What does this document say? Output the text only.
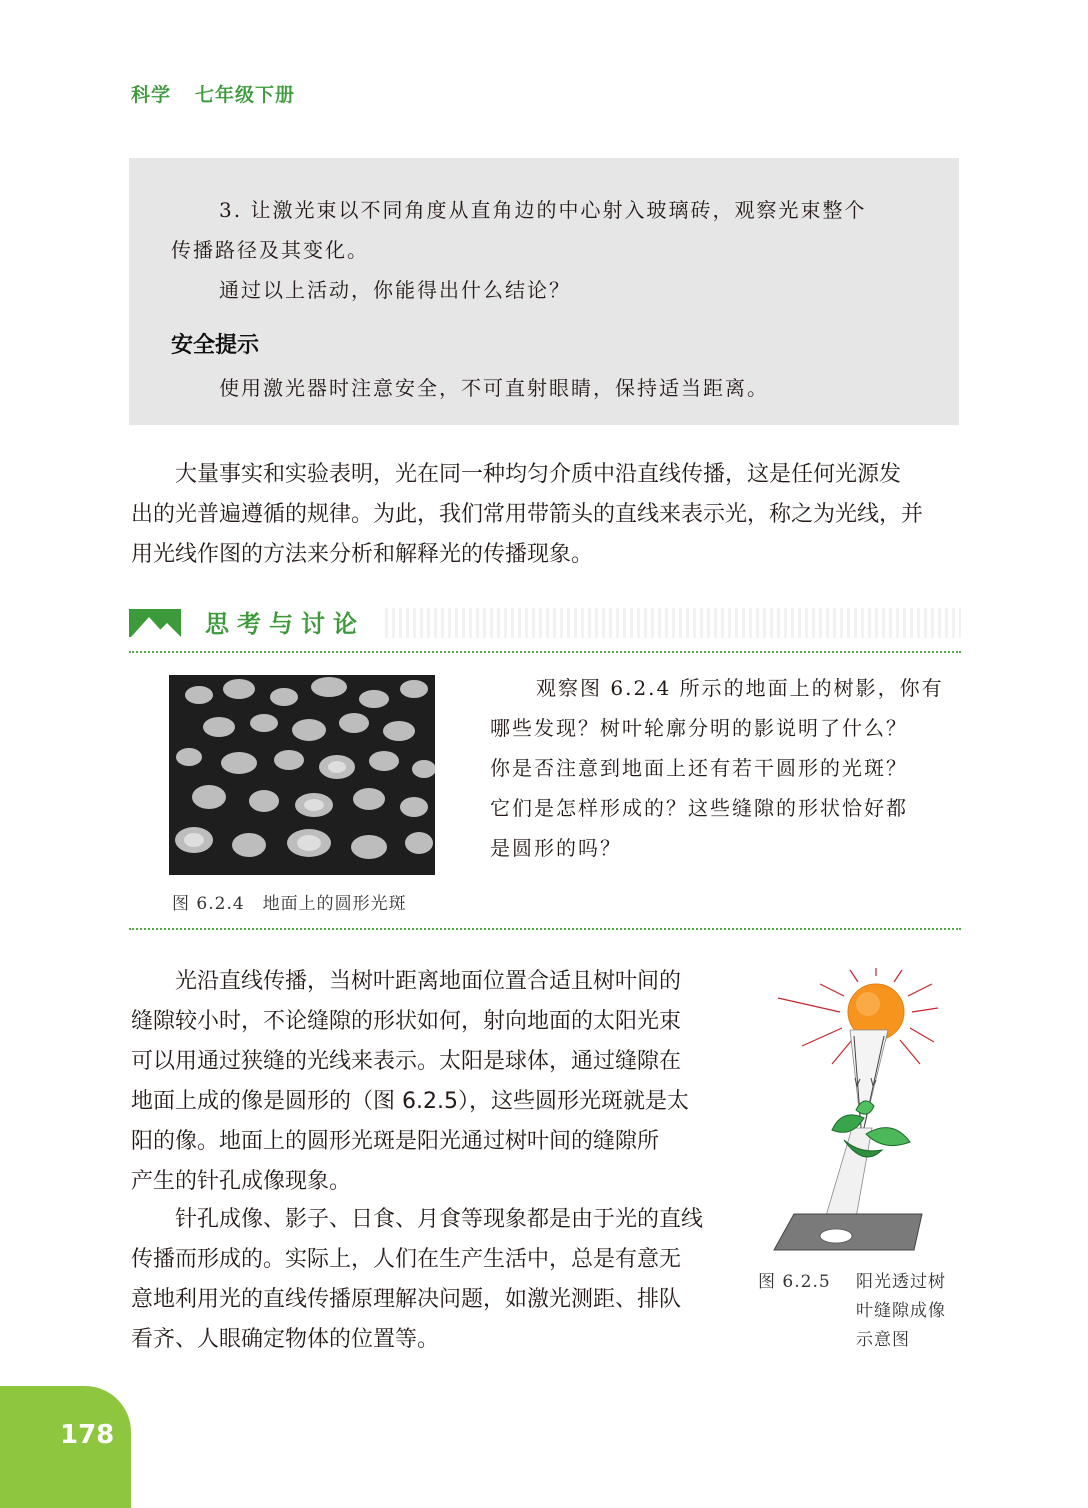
科学 七年级下册

3. 让激光束以不同角度从直角边的中心射入玻璃砖，观察光束整个

传播路径及其变化。

通过以上活动，你能得出什么结论？

安全提示

使用激光器时注意安全，不可直射眼睛，保持适当距离。

大量事实和实验表明，光在同一种均匀介质中沿直线传播，这是任何光源发
出的光普遍遵循的规律。为此，我们常用带箭头的直线来表示光，称之为光线，并
用光线作图的方法来分析和解释光的传播现象。
思考与讨论
图 6.2.4　地面上的圆形光斑
观察图 6.2.4 所示的地面上的树影，你有
哪些发现？树叶轮廓分明的影说明了什么？
你是否注意到地面上还有若干圆形的光斑？
它们是怎样形成的？这些缝隙的形状恰好都
是圆形的吗？
光沿直线传播，当树叶距离地面位置合适且树叶间的
缝隙较小时，不论缝隙的形状如何，射向地面的太阳光束
可以用通过狭缝的光线来表示。太阳是球体，通过缝隙在
地面上成的像是圆形的（图 6.2.5），这些圆形光斑就是太
阳的像。地面上的圆形光斑是阳光通过树叶间的缝隙所
产生的针孔成像现象。
针孔成像、影子、日食、月食等现象都是由于光的直线
传播而形成的。实际上，人们在生产生活中，总是有意无
意地利用光的直线传播原理解决问题，如激光测距、排队
看齐、人眼确定物体的位置等。
图 6.2.5 阳光透过树
叶缝隙成像
示意图
178
